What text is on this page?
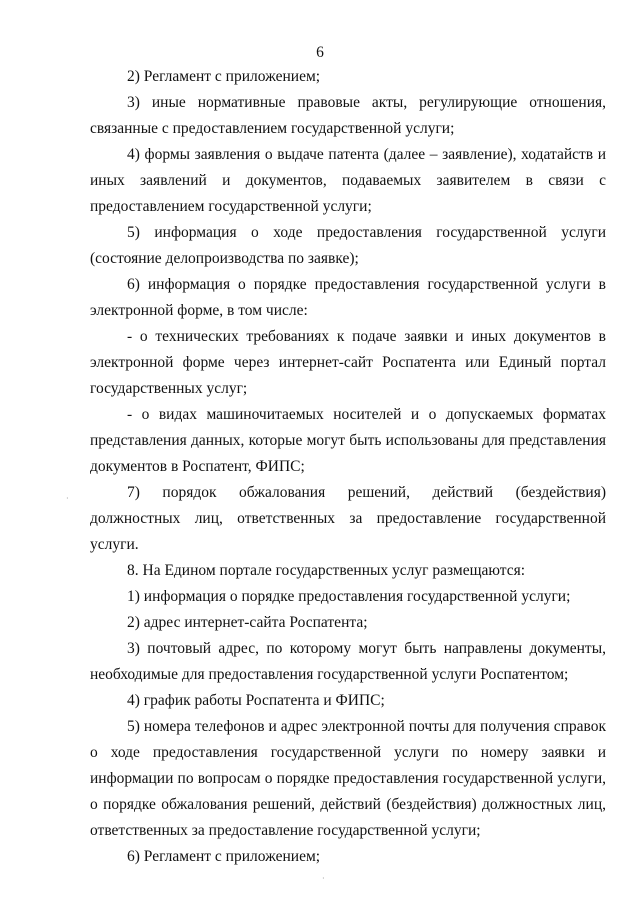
6

2) Регламент с приложением;

3) иные нормативные правовые акты, регулирующие отношения, связанные с предоставлением государственной услуги;

4) формы заявления о выдаче патента (далее – заявление), ходатайств и иных заявлений и документов, подаваемых заявителем в связи с предоставлением государственной услуги;

5) информация о ходе предоставления государственной услуги (состояние делопроизводства по заявке);

6) информация о порядке предоставления государственной услуги в электронной форме, в том числе:

- о технических требованиях к подаче заявки и иных документов в электронной форме через интернет-сайт Роспатента или Единый портал государственных услуг;

- о видах машиночитаемых носителей и о допускаемых форматах представления данных, которые могут быть использованы для представления документов в Роспатент, ФИПС;

7) порядок обжалования решений, действий (бездействия) должностных лиц, ответственных за предоставление государственной услуги.

8. На Едином портале государственных услуг размещаются:

1) информация о порядке предоставления государственной услуги;

2) адрес интернет-сайта Роспатента;

3) почтовый адрес, по которому могут быть направлены документы, необходимые для предоставления государственной услуги Роспатентом;

4) график работы Роспатента и ФИПС;

5) номера телефонов и адрес электронной почты для получения справок о ходе предоставления государственной услуги по номеру заявки и информации по вопросам о порядке предоставления государственной услуги, о порядке обжалования решений, действий (бездействия) должностных лиц, ответственных за предоставление государственной услуги;

6) Регламент с приложением;

·
·
